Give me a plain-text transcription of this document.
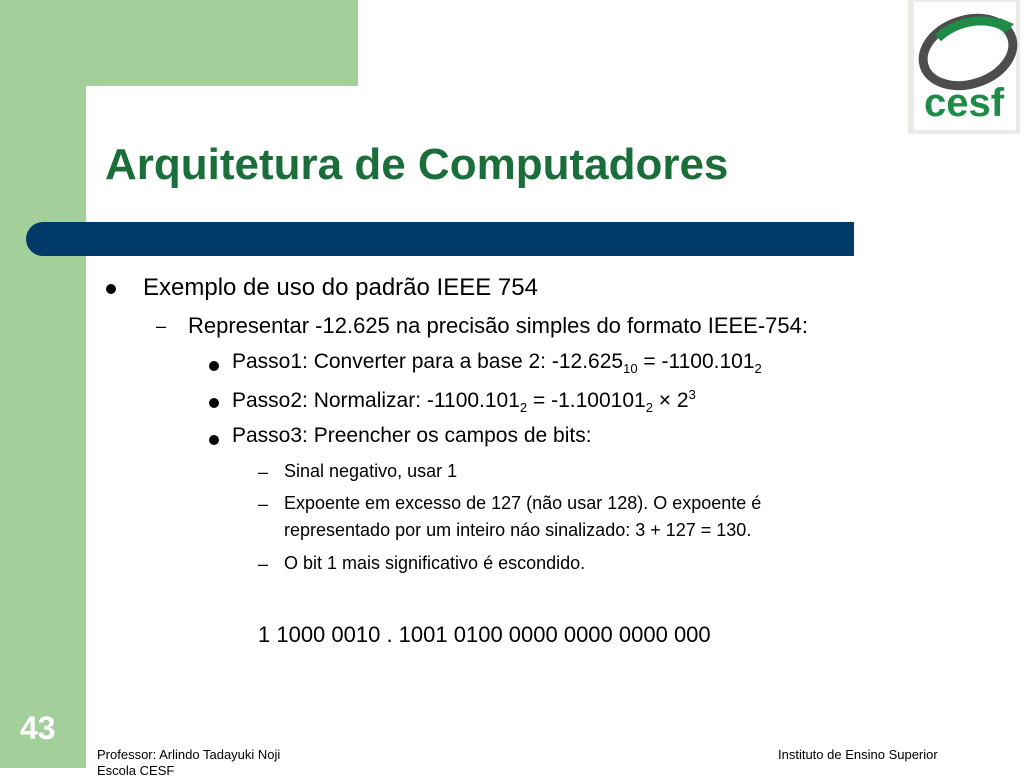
cesf
Arquitetura de Computadores
Exemplo de uso do padrão IEEE 754
– Representar -12.625 na precisão simples do formato IEEE-754:
Passo1: Converter para a base 2: $-12.625_{10} = -1100.101_2$
Passo2: Normalizar: $-1100.101_2 = -1.100101_2 \times 2^3$
Passo3: Preencher os campos de bits:
– Sinal negativo, usar 1
– Expoente em excesso de 127 (não usar 128). O expoente é
representado por um inteiro náo sinalizado: 3 + 127 = 130.
– O bit 1 mais significativo é escondido.
1 1000 0010 . 1001 0100 0000 0000 0000 000
43
Professor: Arlindo Tadayuki Noji
Escola CESF
Instituto de Ensino Superior
